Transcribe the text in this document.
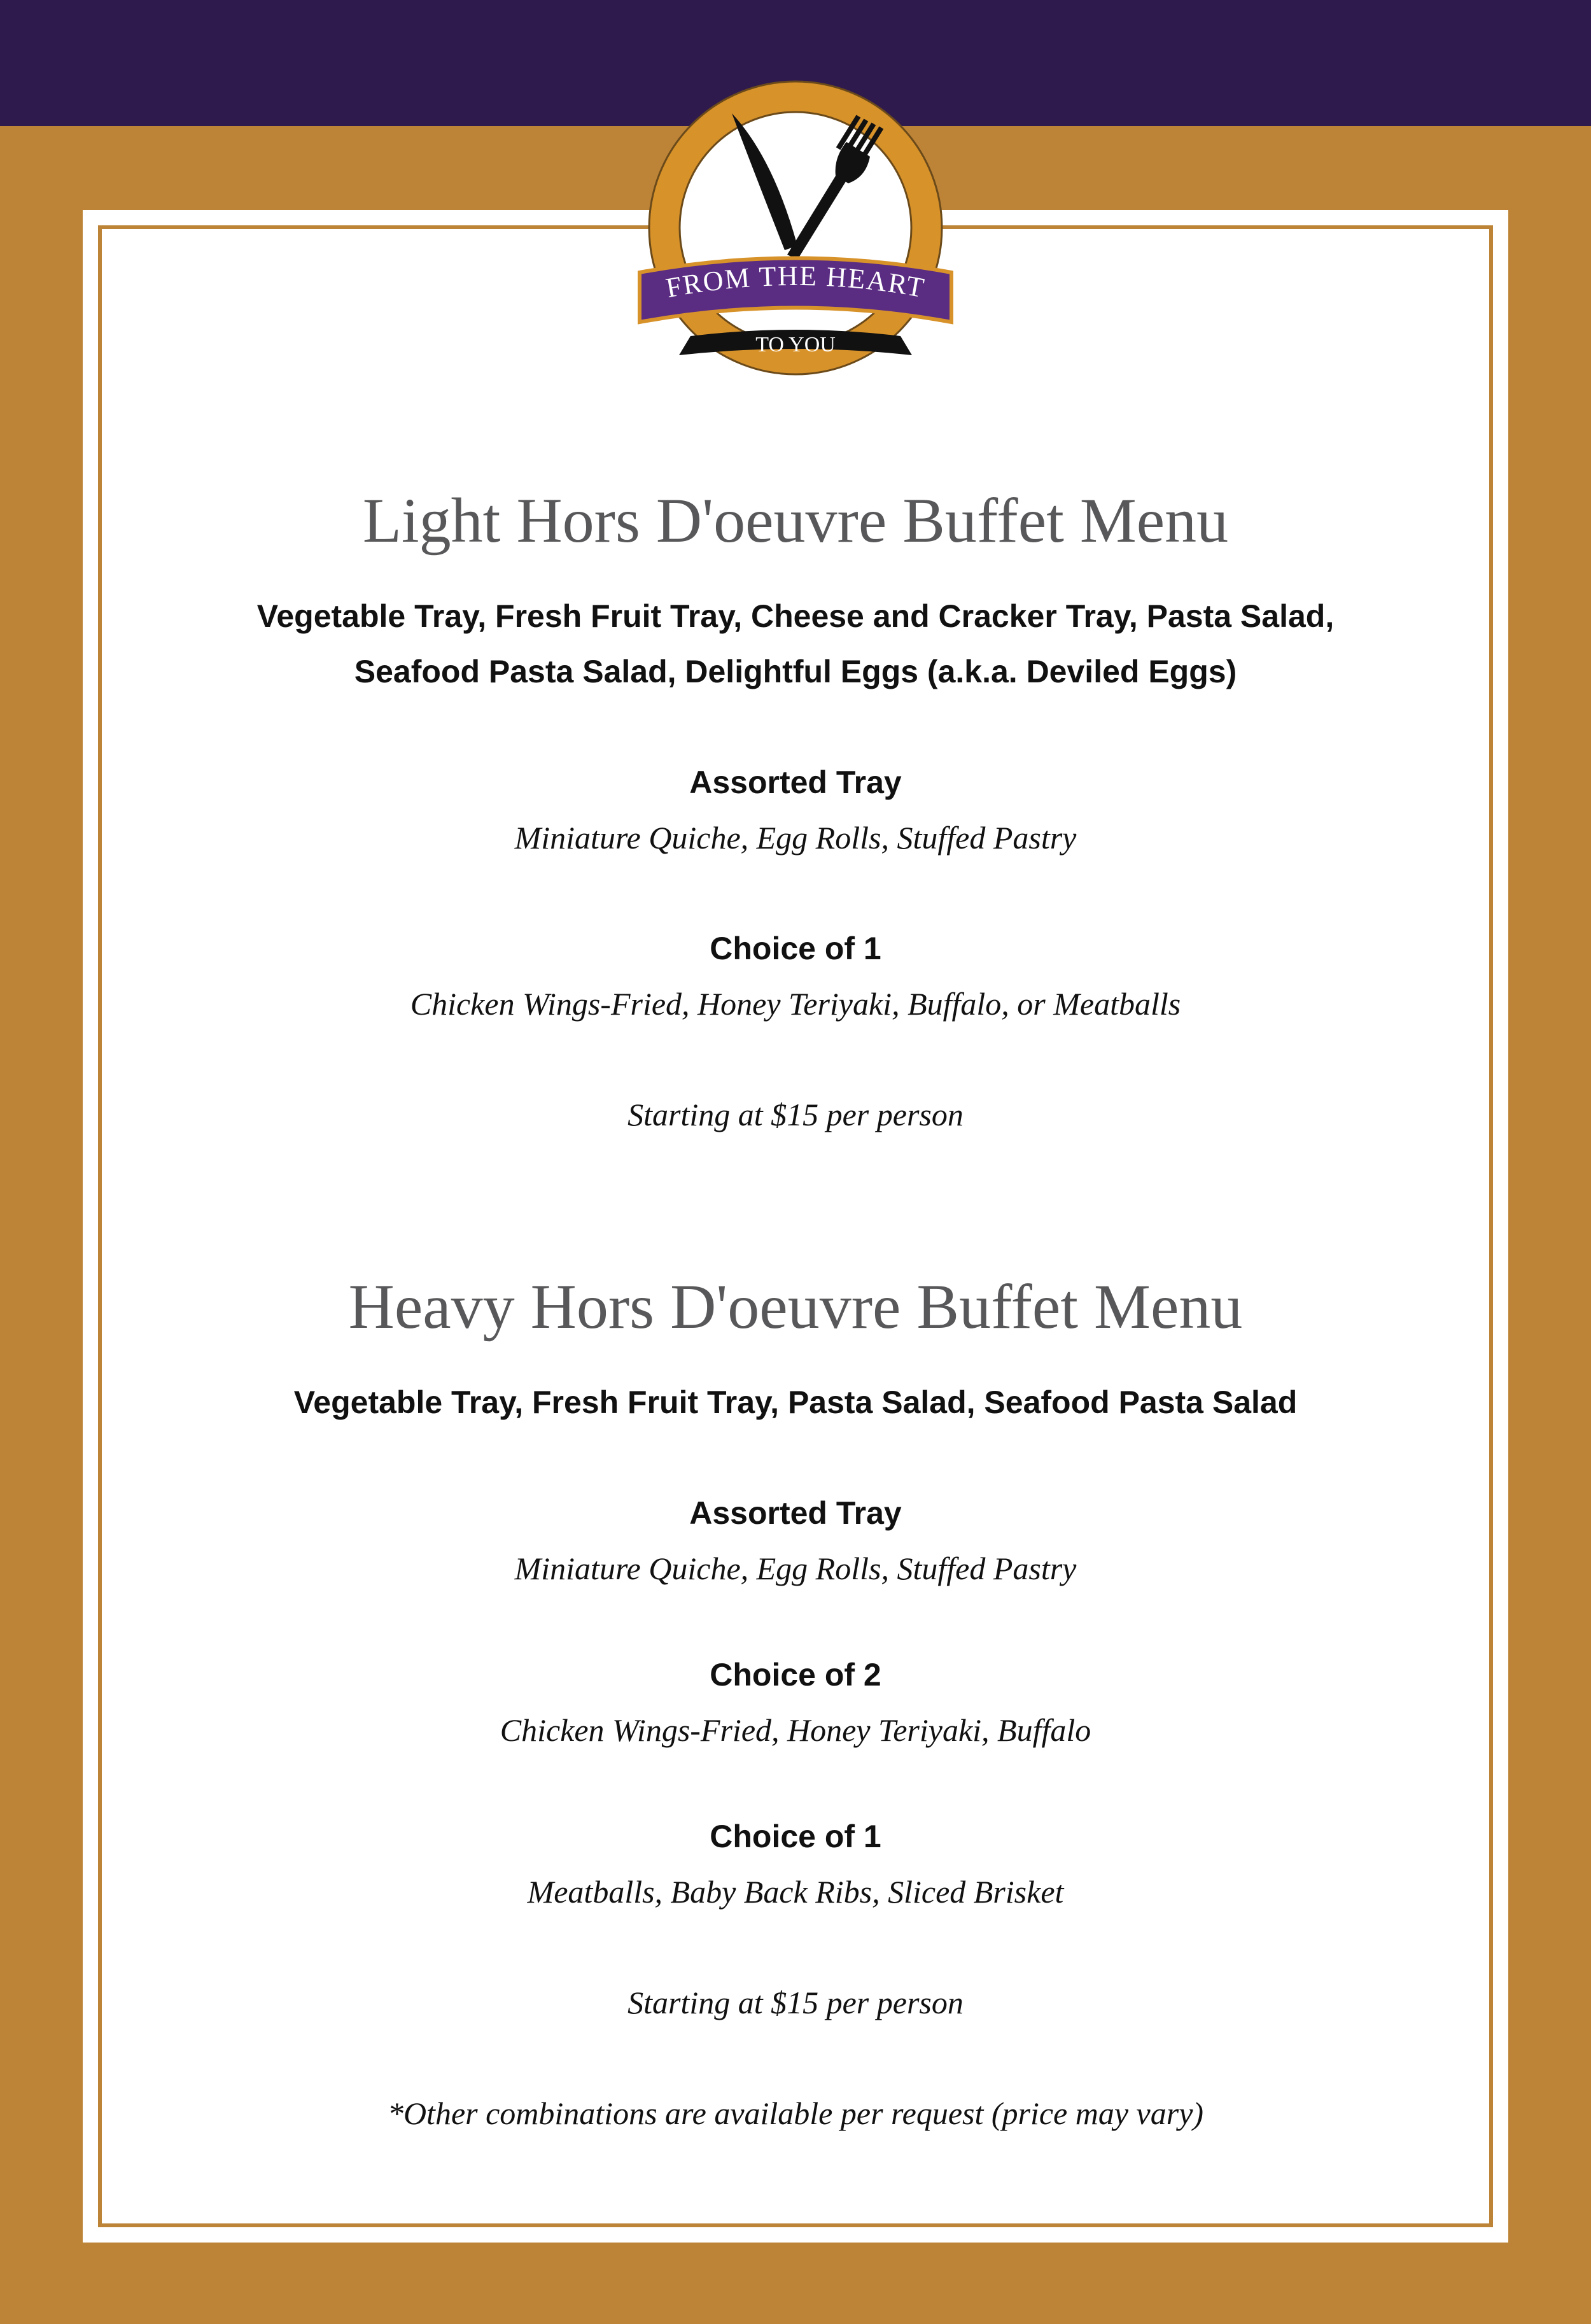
FROM THE HEART
TO YOU
Light Hors D'oeuvre Buffet Menu

Vegetable Tray, Fresh Fruit Tray, Cheese and Cracker Tray, Pasta Salad,

Seafood Pasta Salad, Delightful Eggs (a.k.a. Deviled Eggs)

Assorted Tray

Miniature Quiche, Egg Rolls, Stuffed Pastry

Choice of 1

Chicken Wings-Fried, Honey Teriyaki, Buffalo, or Meatballs

Starting at $15 per person

Heavy Hors D'oeuvre Buffet Menu

Vegetable Tray, Fresh Fruit Tray, Pasta Salad, Seafood Pasta Salad

Assorted Tray

Miniature Quiche, Egg Rolls, Stuffed Pastry

Choice of 2

Chicken Wings-Fried, Honey Teriyaki, Buffalo

Choice of 1

Meatballs, Baby Back Ribs, Sliced Brisket

Starting at $15 per person

*Other combinations are available per request (price may vary)
